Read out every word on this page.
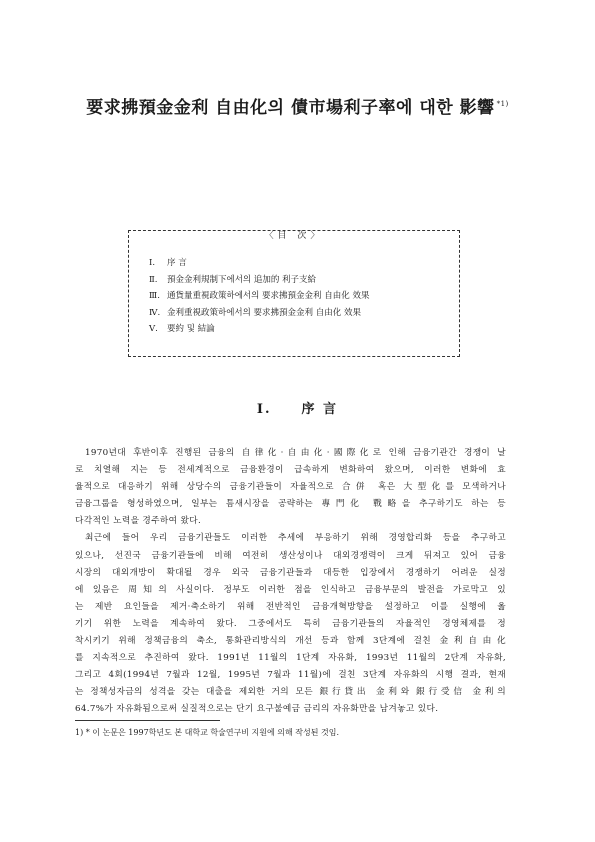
要求拂預金金利 自由化의 債市場利子率에 대한 影響 $^{*1)}$
〈目 次〉
Ⅰ. 序 言
Ⅱ. 預金金利規制下에서의 追加的 利子支給
Ⅲ. 通貨量重視政策하에서의 要求拂預金金利 自由化 效果
Ⅳ. 金利重視政策하에서의 要求拂預金金利 自由化 效果
Ⅴ. 要約 및 結論
Ⅰ. 序 言
1970년대 후반이후 진행된 금융의 自律化·自由化·國際化로 인해 금융기관간 경쟁이 날
로 치열해 지는 등 전세계적으로 금융환경이 급속하게 변화하여 왔으며, 이러한 변화에 효
율적으로 대응하기 위해 상당수의 금융기관들이 자율적으로 合併 혹은 大型化를 모색하거나
금융그룹을 형성하였으며, 일부는 틈새시장을 공략하는 專門化 戰略을 추구하기도 하는 등
다각적인 노력을 경주하여 왔다.
최근에 들어 우리 금융기관들도 이러한 추세에 부응하기 위해 경영합리화 등을 추구하고
있으나, 선진국 금융기관들에 비해 여전히 생산성이나 대외경쟁력이 크게 뒤져고 있어 금융
시장의 대외개방이 확대될 경우 외국 금융기관들과 대등한 입장에서 경쟁하기 어려운 실정
에 있음은 周知의 사실이다. 정부도 이러한 점을 인식하고 금융부문의 발전을 가로막고 있
는 제반 요인들을 제거·축소하기 위해 전반적인 금융개혁방향을 설정하고 이를 실행에 옮
기기 위한 노력을 계속하여 왔다. 그중에서도 특히 금융기관들의 자율적인 경영체제를 정
착시키기 위해 정책금융의 축소, 통화관리방식의 개선 등과 함께 3단계에 걸친 金利自由化
를 지속적으로 추진하여 왔다. 1991년 11월의 1단계 자유화, 1993년 11월의 2단계 자유화,
그리고 4회(1994년 7월과 12월, 1995년 7월과 11월)에 걸친 3단계 자유화의 시행 결과, 현재
는 정책성자금의 성격을 갖는 대출을 제외한 거의 모든 銀行貸出 金利와 銀行受信 金利의
64.7%가 자유화됨으로써 실질적으로는 단기 요구불예금 금리의 자유화만을 남겨놓고 있다.
1) * 이 논문은 1997학년도 본 대학교 학술연구비 지원에 의해 작성된 것임.
